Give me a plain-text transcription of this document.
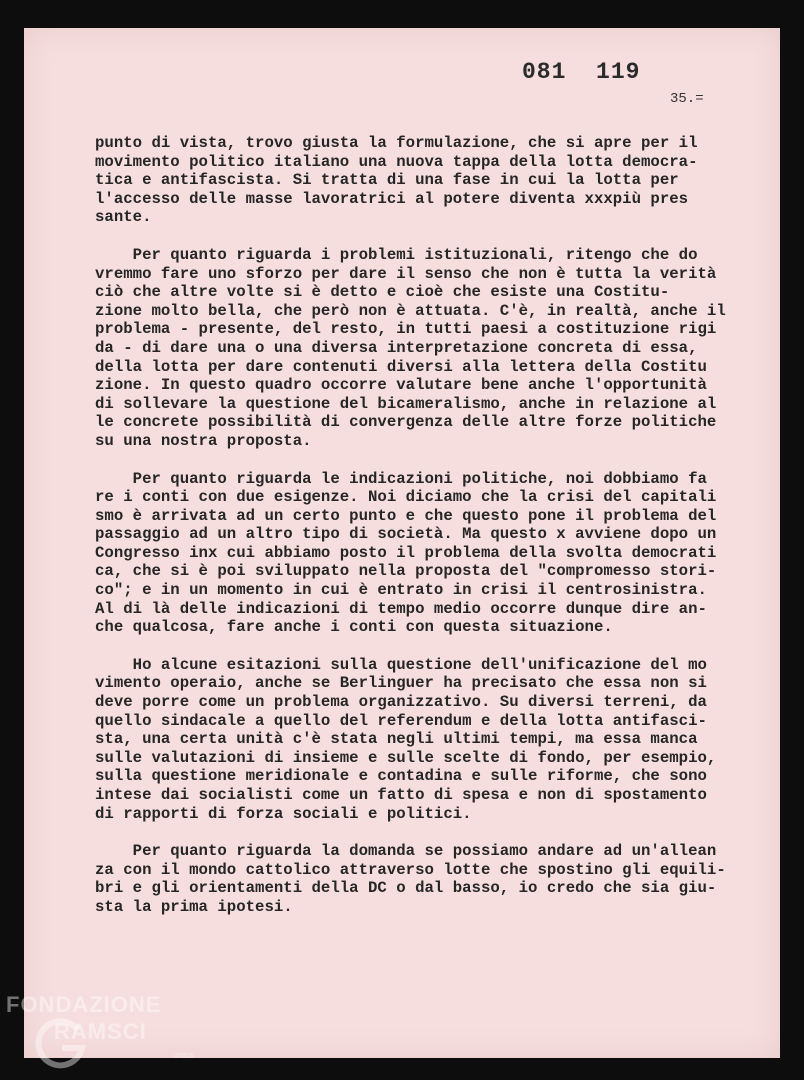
081  119
35.=
punto di vista, trovo giusta la formulazione, che si apre per il
movimento politico italiano una nuova tappa della lotta democra-
tica e antifascista. Si tratta di una fase in cui la lotta per
l'accesso delle masse lavoratrici al potere diventa xxxpiù pres
sante.
Per quanto riguarda i problemi istituzionali, ritengo che do
vremmo fare uno sforzo per dare il senso che non è tutta la verità
ciò che altre volte si è detto e cioè che esiste una Costitu-
zione molto bella, che però non è attuata. C'è, in realtà, anche il
problema - presente, del resto, in tutti paesi a costituzione rigi
da - di dare una o una diversa interpretazione concreta di essa,
della lotta per dare contenuti diversi alla lettera della Costitu
zione. In questo quadro occorre valutare bene anche l'opportunità
di sollevare la questione del bicameralismo, anche in relazione al
le concrete possibilità di convergenza delle altre forze politiche
su una nostra proposta.
Per quanto riguarda le indicazioni politiche, noi dobbiamo fa
re i conti con due esigenze. Noi diciamo che la crisi del capitali
smo è arrivata ad un certo punto e che questo pone il problema del
passaggio ad un altro tipo di società. Ma questo x avviene dopo un
Congresso inx cui abbiamo posto il problema della svolta democrati
ca, che si è poi sviluppato nella proposta del "compromesso stori-
co"; e in un momento in cui è entrato in crisi il centrosinistra.
Al di là delle indicazioni di tempo medio occorre dunque dire an-
che qualcosa, fare anche i conti con questa situazione.
Ho alcune esitazioni sulla questione dell'unificazione del mo
vimento operaio, anche se Berlinguer ha precisato che essa non si
deve porre come un problema organizzativo. Su diversi terreni, da
quello sindacale a quello del referendum e della lotta antifasci-
sta, una certa unità c'è stata negli ultimi tempi, ma essa manca
sulle valutazioni di insieme e sulle scelte di fondo, per esempio,
sulla questione meridionale e contadina e sulle riforme, che sono
intese dai socialisti come un fatto di spesa e non di spostamento
di rapporti di forza sociali e politici.
Per quanto riguarda la domanda se possiamo andare ad un'allean
za con il mondo cattolico attraverso lotte che spostino gli equili-
bri e gli orientamenti della DC o dal basso, io credo che sia giu-
sta la prima ipotesi.
FONDAZIONE
RAMSCI
onlus
